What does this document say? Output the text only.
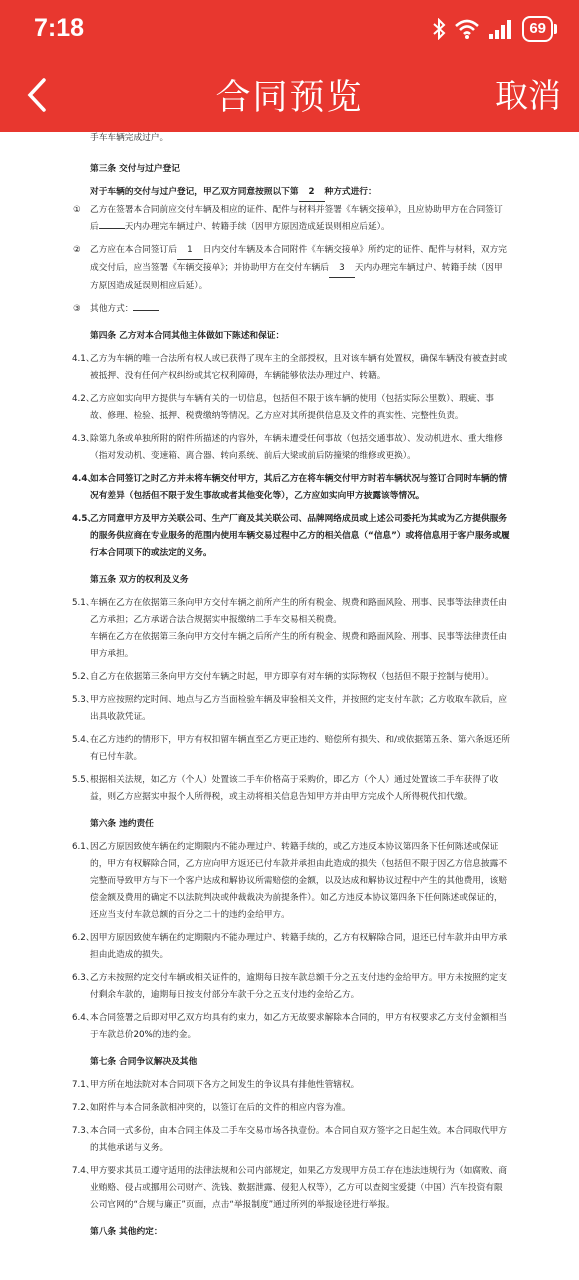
7:18	69
合同预览	取消

手车车辆完成过户。

第三条 交付与过户登记

对于车辆的交付与过户登记，甲乙双方同意按照以下第 2 种方式进行：

① 乙方在签署本合同前应交付车辆及相应的证件、配件与材料并签署《车辆交接单》，且应协助甲方在合同签订后	天内办理完车辆过户、转籍手续（因甲方原因造成延误则相应后延）。

② 乙方应在本合同签订后 1 日内交付车辆及本合同附件《车辆交接单》所约定的证件、配件与材料，双方完成交付后，应当签署《车辆交接单》；并协助甲方在交付车辆后 3 天内办理完车辆过户、转籍手续（因甲方原因造成延误则相应后延）。

③ 其他方式：

第四条 乙方对本合同其他主体做如下陈述和保证：

4.1、
乙方为车辆的唯一合法所有权人或已获得了现车主的全部授权，且对该车辆有处置权，确保车辆没有被查封或被抵押、没有任何产权纠纷或其它权利障碍，车辆能够依法办理过户、转籍。

4.2、
乙方应如实向甲方提供与车辆有关的一切信息，包括但不限于该车辆的使用（包括实际公里数）、瑕疵、事故、修理、检验、抵押、税费缴纳等情况。乙方应对其所提供信息及文件的真实性、完整性负责。

4.3、
除第九条或单独所附的附件所描述的内容外，车辆未遭受任何事故（包括交通事故）、发动机进水、重大维修（指对发动机、变速箱、离合器、转向系统、前后大梁或前后防撞梁的维修或更换）。

4.4、
如本合同签订之时乙方并未将车辆交付甲方，其后乙方在将车辆交付甲方时若车辆状况与签订合同时车辆的情况有差异（包括但不限于发生事故或者其他变化等），乙方应如实向甲方披露该等情况。

4.5、
乙方同意甲方及甲方关联公司、生产厂商及其关联公司、品牌网络成员或上述公司委托为其或为乙方提供服务的服务供应商在专业服务的范围内使用车辆交易过程中乙方的相关信息（“信息”）或将信息用于客户服务或履行本合同项下的或法定的义务。

第五条 双方的权利及义务

5.1、
车辆在乙方在依据第三条向甲方交付车辆之前所产生的所有税金、规费和路面风险、刑事、民事等法律责任由乙方承担；乙方承诺合法合规据实申报缴纳二手车交易相关税费。

车辆在乙方在依据第三条向甲方交付车辆之后所产生的所有税金、规费和路面风险、刑事、民事等法律责任由甲方承担。

5.2、
自乙方在依据第三条向甲方交付车辆之时起，甲方即享有对车辆的实际物权（包括但不限于控制与使用）。

5.3、
甲方应按照约定时间、地点与乙方当面检验车辆及审验相关文件，并按照约定支付车款；乙方收取车款后，应出具收款凭证。

5.4、
在乙方违约的情形下，甲方有权扣留车辆直至乙方更正违约、赔偿所有损失、和/或依据第五条、第六条返还所有已付车款。

5.5、
根据相关法规，如乙方（个人）处置该二手车价格高于采购价，即乙方（个人）通过处置该二手车获得了收益，则乙方应据实申报个人所得税，或主动将相关信息告知甲方并由甲方完成个人所得税代扣代缴。

第六条 违约责任

6.1、
因乙方原因致使车辆在约定期限内不能办理过户、转籍手续的，或乙方违反本协议第四条下任何陈述或保证的，甲方有权解除合同，乙方应向甲方返还已付车款并承担由此造成的损失（包括但不限于因乙方信息披露不完整而导致甲方与下一个客户达成和解协议所需赔偿的金额，以及达成和解协议过程中产生的其他费用，该赔偿金额及费用的确定不以法院判决或仲裁裁决为前提条件）。如乙方违反本协议第四条下任何陈述或保证的，还应当支付车款总额的百分之二十的违约金给甲方。

6.2、
因甲方原因致使车辆在约定期限内不能办理过户、转籍手续的，乙方有权解除合同，退还已付车款并由甲方承担由此造成的损失。

6.3、
乙方未按照约定交付车辆或相关证件的，逾期每日按车款总额千分之五支付违约金给甲方。甲方未按照约定支付剩余车款的，逾期每日按支付部分车款千分之五支付违约金给乙方。

6.4、
本合同签署之后即对甲乙双方均具有约束力，如乙方无故要求解除本合同的，甲方有权要求乙方支付金额相当于车款总价20%的违约金。

第七条 合同争议解决及其他

7.1、
甲方所在地法院对本合同项下各方之间发生的争议具有排他性管辖权。

7.2、
如附件与本合同条款相冲突的，以签订在后的文件的相应内容为准。

7.3、
本合同一式多份，由本合同主体及二手车交易市场各执壹份。本合同自双方签字之日起生效。本合同取代甲方的其他承诺与义务。

7.4、
甲方要求其员工遵守适用的法律法规和公司内部规定，如果乙方发现甲方员工存在违法违规行为（如腐败、商业贿赂、侵占或挪用公司财产、洗钱、数据泄露、侵犯人权等），乙方可以查阅宝爱捷（中国）汽车投资有限公司官网的“合规与廉正”页面，点击“举报制度”通过所列的举报途径进行举报。

第八条 其他约定：
